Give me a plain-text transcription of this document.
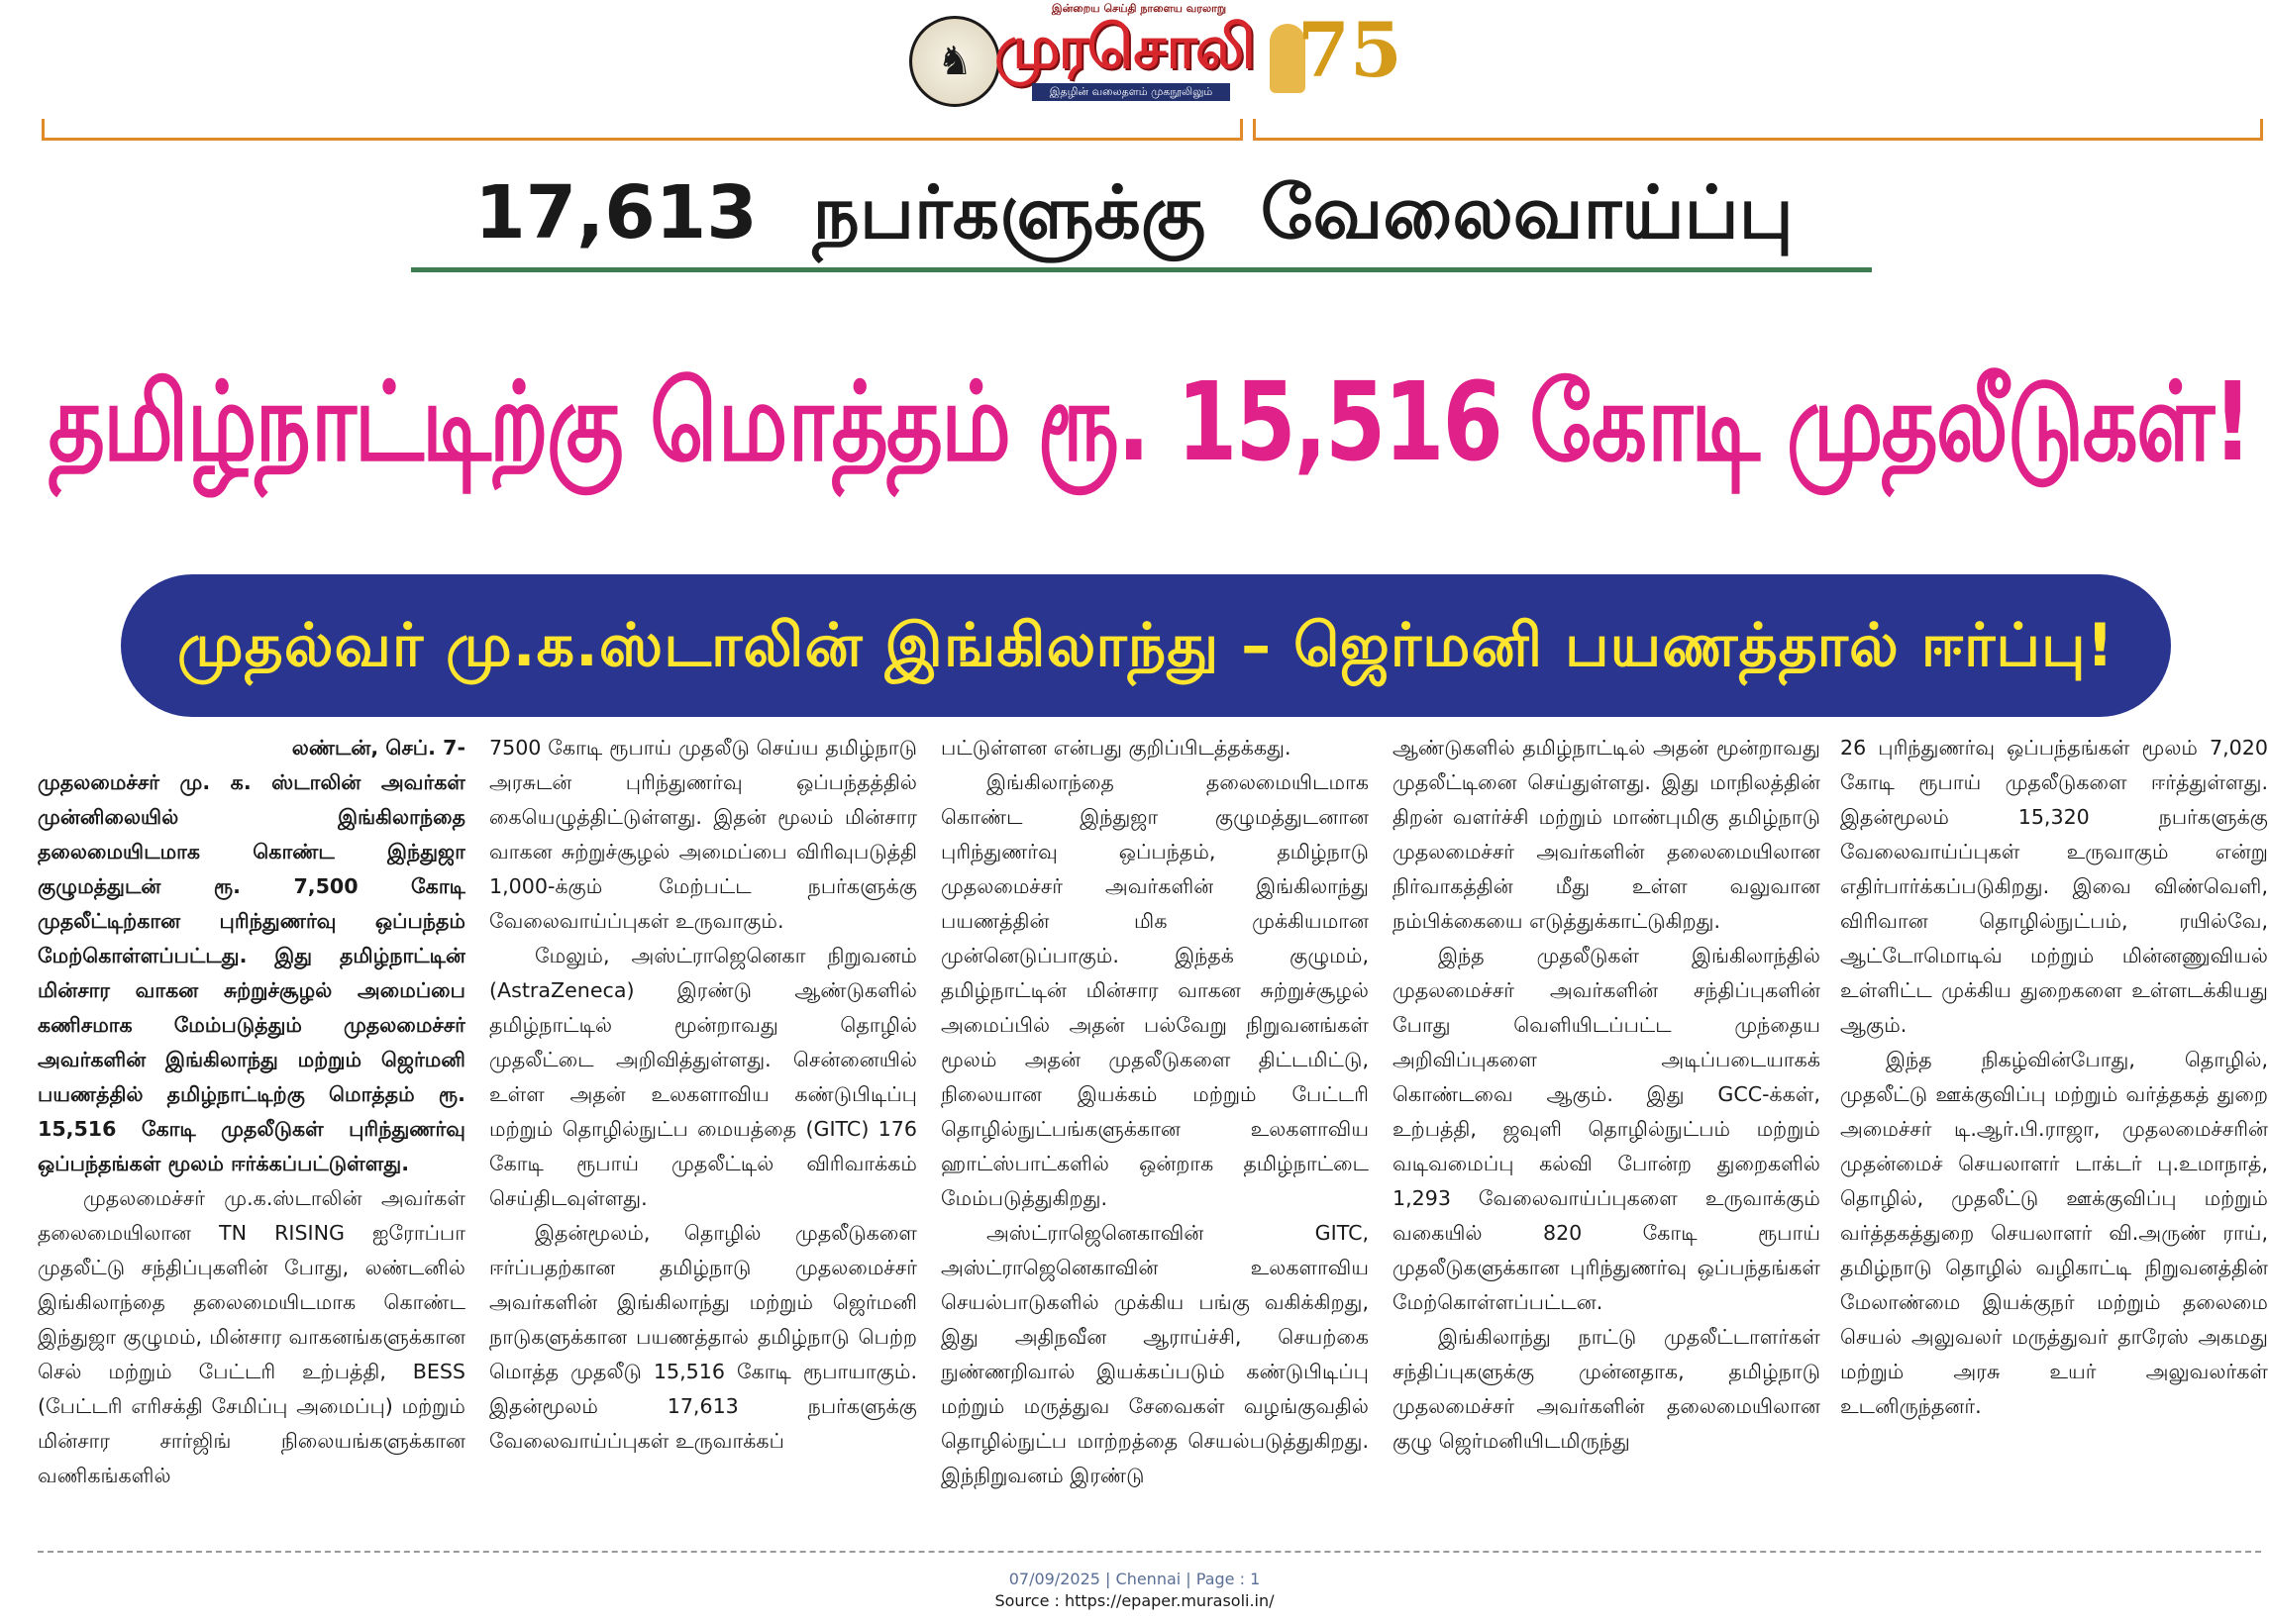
இன்றைய செய்தி நாளைய வரலாறு
♞ முரசொலி
இதழின் வலைதளம் முகநூலிலும் 75
17,613 நபர்களுக்கு வேலைவாய்ப்பு
தமிழ்நாட்டிற்கு மொத்தம் ரூ. 15,516 கோடி முதலீடுகள்!
முதல்வர் மு.க.ஸ்டாலின் இங்கிலாந்து – ஜெர்மனி பயணத்தால் ஈர்ப்பு!
லண்டன், செப். 7-

முதலமைச்சர் மு. க. ஸ்டாலின் அவர்கள் முன்னிலையில் இங்கிலாந்தை தலைமையிடமாக கொண்ட இந்துஜா குழுமத்துடன் ரூ. 7,500 கோடி முதலீட்டிற்கான புரிந்துணர்வு ஒப்பந்தம் மேற்கொள்ளப்பட்டது. இது தமிழ்நாட்டின் மின்சார வாகன சுற்றுச்சூழல் அமைப்பை கணிசமாக மேம்படுத்தும் முதலமைச்சர் அவர்களின் இங்கிலாந்து மற்றும் ஜெர்மனி பயணத்தில் தமிழ்நாட்டிற்கு மொத்தம் ரூ. 15,516 கோடி முதலீடுகள் புரிந்துணர்வு ஒப்பந்தங்கள் மூலம் ஈர்க்கப்பட்டுள்ளது.

முதலமைச்சர் மு.க.ஸ்டாலின் அவர்கள் தலைமையிலான TN RISING ஐரோப்பா முதலீட்டு சந்திப்புகளின் போது, லண்டனில் இங்கிலாந்தை தலைமையிடமாக கொண்ட இந்துஜா குழுமம், மின்சார வாகனங்களுக்கான செல் மற்றும் பேட்டரி உற்பத்தி, BESS (பேட்டரி எரிசக்தி சேமிப்பு அமைப்பு) மற்றும் மின்சார சார்ஜிங் நிலையங்களுக்கான வணிகங்களில்

7500 கோடி ரூபாய் முதலீடு செய்ய தமிழ்நாடு அரசுடன் புரிந்துணர்வு ஒப்பந்தத்தில் கையெழுத்திட்டுள்ளது. இதன் மூலம் மின்சார வாகன சுற்றுச்சூழல் அமைப்பை விரிவுபடுத்தி 1,000-க்கும் மேற்பட்ட நபர்களுக்கு வேலைவாய்ப்புகள் உருவாகும்.

மேலும், அஸ்ட்ராஜெனெகா நிறுவனம் (AstraZeneca) இரண்டு ஆண்டுகளில் தமிழ்நாட்டில் மூன்றாவது தொழில் முதலீட்டை அறிவித்துள்ளது. சென்னையில் உள்ள அதன் உலகளாவிய கண்டுபிடிப்பு மற்றும் தொழில்நுட்ப மையத்தை (GITC) 176 கோடி ரூபாய் முதலீட்டில் விரிவாக்கம் செய்திடவுள்ளது.

இதன்மூலம், தொழில் முதலீடுகளை ஈர்ப்பதற்கான தமிழ்நாடு முதலமைச்சர் அவர்களின் இங்கிலாந்து மற்றும் ஜெர்மனி நாடுகளுக்கான பயணத்தால் தமிழ்நாடு பெற்ற மொத்த முதலீடு 15,516 கோடி ரூபாயாகும். இதன்மூலம் 17,613 நபர்களுக்கு வேலைவாய்ப்புகள் உருவாக்கப்

பட்டுள்ளன என்பது குறிப்பிடத்தக்கது.

இங்கிலாந்தை தலைமையிடமாக கொண்ட இந்துஜா குழுமத்துடனான புரிந்துணர்வு ஒப்பந்தம், தமிழ்நாடு முதலமைச்சர் அவர்களின் இங்கிலாந்து பயணத்தின் மிக முக்கியமான முன்னெடுப்பாகும். இந்தக் குழுமம், தமிழ்நாட்டின் மின்சார வாகன சுற்றுச்சூழல் அமைப்பில் அதன் பல்வேறு நிறுவனங்கள் மூலம் அதன் முதலீடுகளை திட்டமிட்டு, நிலையான இயக்கம் மற்றும் பேட்டரி தொழில்நுட்பங்களுக்கான உலகளாவிய ஹாட்ஸ்பாட்களில் ஒன்றாக தமிழ்நாட்டை மேம்படுத்துகிறது.

அஸ்ட்ராஜெனெகாவின் GITC, அஸ்ட்ராஜெனெகாவின் உலகளாவிய செயல்பாடுகளில் முக்கிய பங்கு வகிக்கிறது, இது அதிநவீன ஆராய்ச்சி, செயற்கை நுண்ணறிவால் இயக்கப்படும் கண்டுபிடிப்பு மற்றும் மருத்துவ சேவைகள் வழங்குவதில் தொழில்நுட்ப மாற்றத்தை செயல்படுத்துகிறது. இந்நிறுவனம் இரண்டு

ஆண்டுகளில் தமிழ்நாட்டில் அதன் மூன்றாவது முதலீட்டினை செய்துள்ளது. இது மாநிலத்தின் திறன் வளர்ச்சி மற்றும் மாண்புமிகு தமிழ்நாடு முதலமைச்சர் அவர்களின் தலைமையிலான நிர்வாகத்தின் மீது உள்ள வலுவான நம்பிக்கையை எடுத்துக்காட்டுகிறது.

இந்த முதலீடுகள் இங்கிலாந்தில் முதலமைச்சர் அவர்களின் சந்திப்புகளின் போது வெளியிடப்பட்ட முந்தைய அறிவிப்புகளை அடிப்படையாகக் கொண்டவை ஆகும். இது GCC-க்கள், உற்பத்தி, ஜவுளி தொழில்நுட்பம் மற்றும் வடிவமைப்பு கல்வி போன்ற துறைகளில் 1,293 வேலைவாய்ப்புகளை உருவாக்கும் வகையில் 820 கோடி ரூபாய் முதலீடுகளுக்கான புரிந்துணர்வு ஒப்பந்தங்கள் மேற்கொள்ளப்பட்டன.

இங்கிலாந்து நாட்டு முதலீட்டாளர்கள் சந்திப்புகளுக்கு முன்னதாக, தமிழ்நாடு முதலமைச்சர் அவர்களின் தலைமையிலான குழு ஜெர்மனியிடமிருந்து

26 புரிந்துணர்வு ஒப்பந்தங்கள் மூலம் 7,020 கோடி ரூபாய் முதலீடுகளை ஈர்த்துள்ளது. இதன்மூலம் 15,320 நபர்களுக்கு வேலைவாய்ப்புகள் உருவாகும் என்று எதிர்பார்க்கப்படுகிறது. இவை விண்வெளி, விரிவான தொழில்நுட்பம், ரயில்வே, ஆட்டோமொடிவ் மற்றும் மின்னணுவியல் உள்ளிட்ட முக்கிய துறைகளை உள்ளடக்கியது ஆகும்.

இந்த நிகழ்வின்போது, தொழில், முதலீட்டு ஊக்குவிப்பு மற்றும் வர்த்தகத் துறை அமைச்சர் டி.ஆர்.பி.ராஜா, முதலமைச்சரின் முதன்மைச் செயலாளர் டாக்டர் பு.உமாநாத், தொழில், முதலீட்டு ஊக்குவிப்பு மற்றும் வர்த்தகத்துறை செயலாளர் வி.அருண் ராய், தமிழ்நாடு தொழில் வழிகாட்டி நிறுவனத்தின் மேலாண்மை இயக்குநர் மற்றும் தலைமை செயல் அலுவலர் மருத்துவர் தாரேஸ் அகமது மற்றும் அரசு உயர் அலுவலர்கள் உடனிருந்தனர்.

07/09/2025 | Chennai | Page : 1
Source : https://epaper.murasoli.in/
